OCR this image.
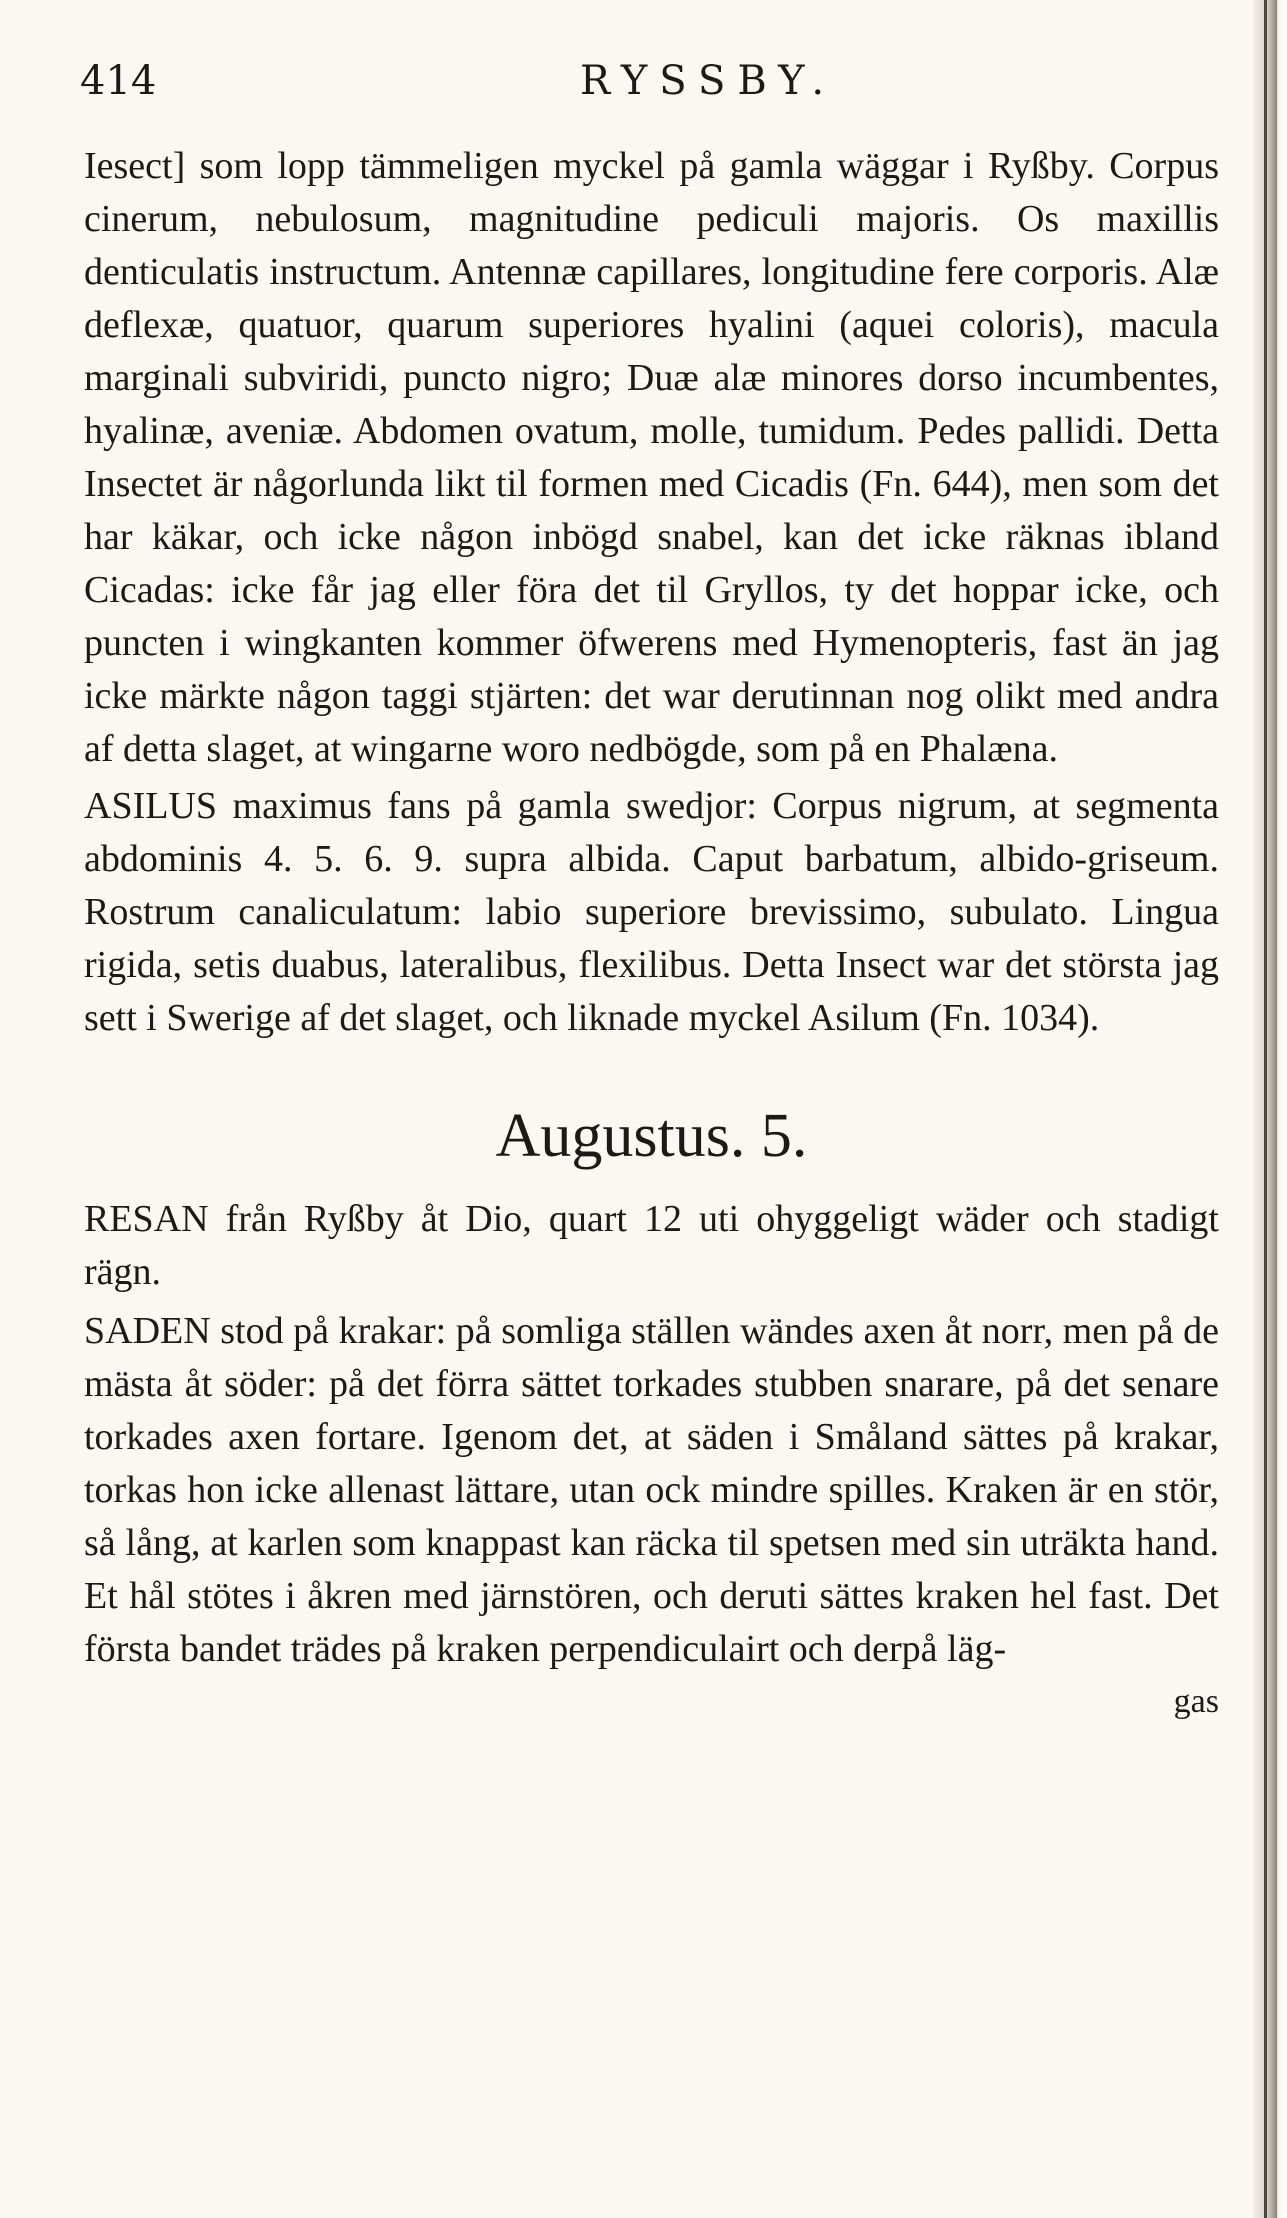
414	RYSSBY.

Iesect] som lopp tämmeligen myckel på gamla wäggar i Ryßby. Corpus cinerum, nebulosum, magnitudine pediculi majoris. Os maxillis denticulatis instructum. Antennæ capillares, longitudine fere corporis. Alæ deflexæ, quatuor, quarum superiores hyalini (aquei coloris), macula marginali subviridi, puncto nigro; Duæ alæ minores dorso incumbentes, hyalinæ, aveniæ. Abdomen ovatum, molle, tumidum. Pedes pallidi. Detta Insectet är någorlunda likt til formen med Cicadis (Fn. 644), men som det har käkar, och icke någon inbögd snabel, kan det icke räknas ibland Cicadas: icke får jag eller föra det til Gryllos, ty det hoppar icke, och puncten i wingkanten kommer öfwerens med Hymenopteris, fast än jag icke märkte någon taggi stjärten: det war derutinnan nog olikt med andra af detta slaget, at wingarne woro nedbögde, som på en Phalæna.

ASILUS maximus fans på gamla swedjor: Corpus nigrum, at segmenta abdominis 4. 5. 6. 9. supra albida. Caput barbatum, albido-griseum. Rostrum canaliculatum: labio superiore brevissimo, subulato. Lingua rigida, setis duabus, lateralibus, flexilibus. Detta Insect war det största jag sett i Swerige af det slaget, och liknade myckel Asilum (Fn. 1034).

Augustus. 5.

RESAN från Ryßby åt Dio, quart 12 uti ohyggeligt wäder och stadigt rägn.

SADEN stod på krakar: på somliga ställen wändes axen åt norr, men på de mästa åt söder: på det förra sättet torkades stubben snarare, på det senare torkades axen fortare. Igenom det, at säden i Småland sättes på krakar, torkas hon icke allenast lättare, utan ock mindre spilles. Kraken är en stör, så lång, at karlen som knappast kan räcka til spetsen med sin uträkta hand. Et hål stötes i åkren med järnstören, och deruti sättes kraken hel fast. Det första bandet trädes på kraken perpendiculairt och derpå läg-

gas
